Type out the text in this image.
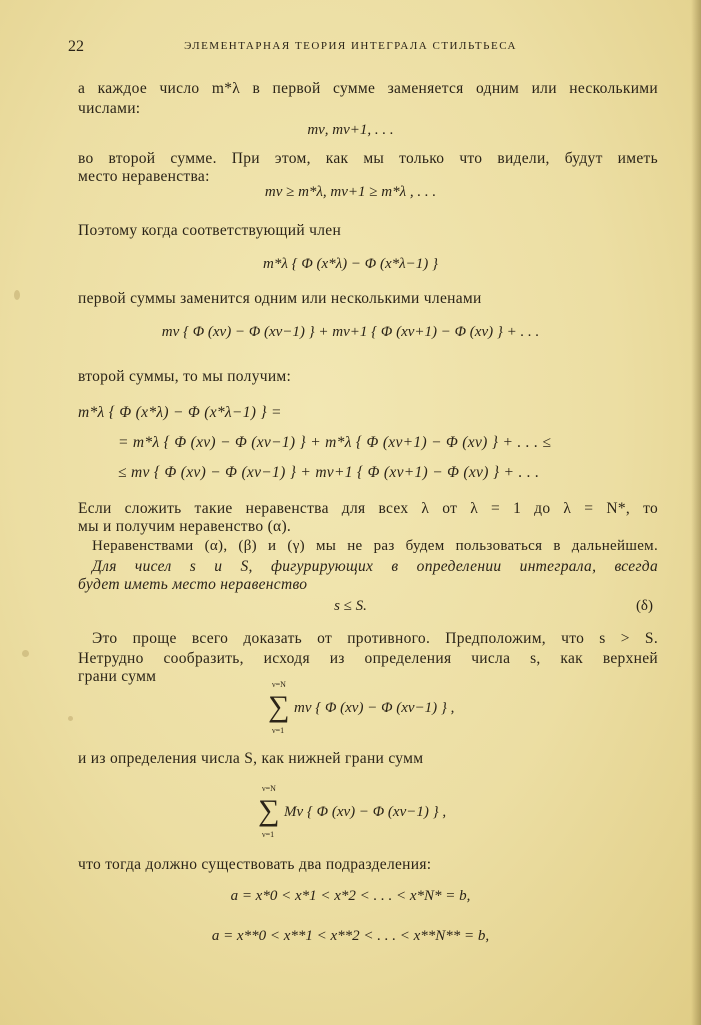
22	ЭЛЕМЕНТАРНАЯ ТЕОРИЯ ИНТЕГРАЛА СТИЛЬТЬЕСА
а каждое число m*λ в первой сумме заменяется одним или несколькими
числами:
mν, mν+1, . . .
во второй сумме. При этом, как мы только что видели, будут иметь
место неравенства:
mν ≥ m*λ, mν+1 ≥ m*λ , . . .
Поэтому когда соответствующий член
m*λ { Φ (x*λ) − Φ (x*λ−1) }
первой суммы заменится одним или несколькими членами
mν { Φ (xν) − Φ (xν−1) } + mν+1 { Φ (xν+1) − Φ (xν) } + . . .
второй суммы, то мы получим:
m*λ { Φ (x*λ) − Φ (x*λ−1) } =
= m*λ { Φ (xν) − Φ (xν−1) } + m*λ { Φ (xν+1) − Φ (xν) } + . . . ≤
≤ mν { Φ (xν) − Φ (xν−1) } + mν+1 { Φ (xν+1) − Φ (xν) } + . . .
Если сложить такие неравенства для всех λ от λ = 1 до λ = N*, то
мы и получим неравенство (α).
Неравенствами (α), (β) и (γ) мы не раз будем пользоваться в дальнейшем.
Для чисел s и S, фигурирующих в определении интеграла, всегда
будет иметь место неравенство
s ≤ S.	(δ)
Это проще всего доказать от противного. Предположим, что s > S.
Нетрудно сообразить, исходя из определения числа s, как верхней
грани сумм	ν=N
∑
ν=1
mν { Φ (xν) − Φ (xν−1) } ,
и из определения числа S, как нижней грани сумм
ν=N
∑
ν=1
Mν { Φ (xν) − Φ (xν−1) } ,
что тогда должно существовать два подразделения:
a = x*0 < x*1 < x*2 < . . . < x*N* = b,
a = x**0 < x**1 < x**2 < . . . < x**N** = b,
